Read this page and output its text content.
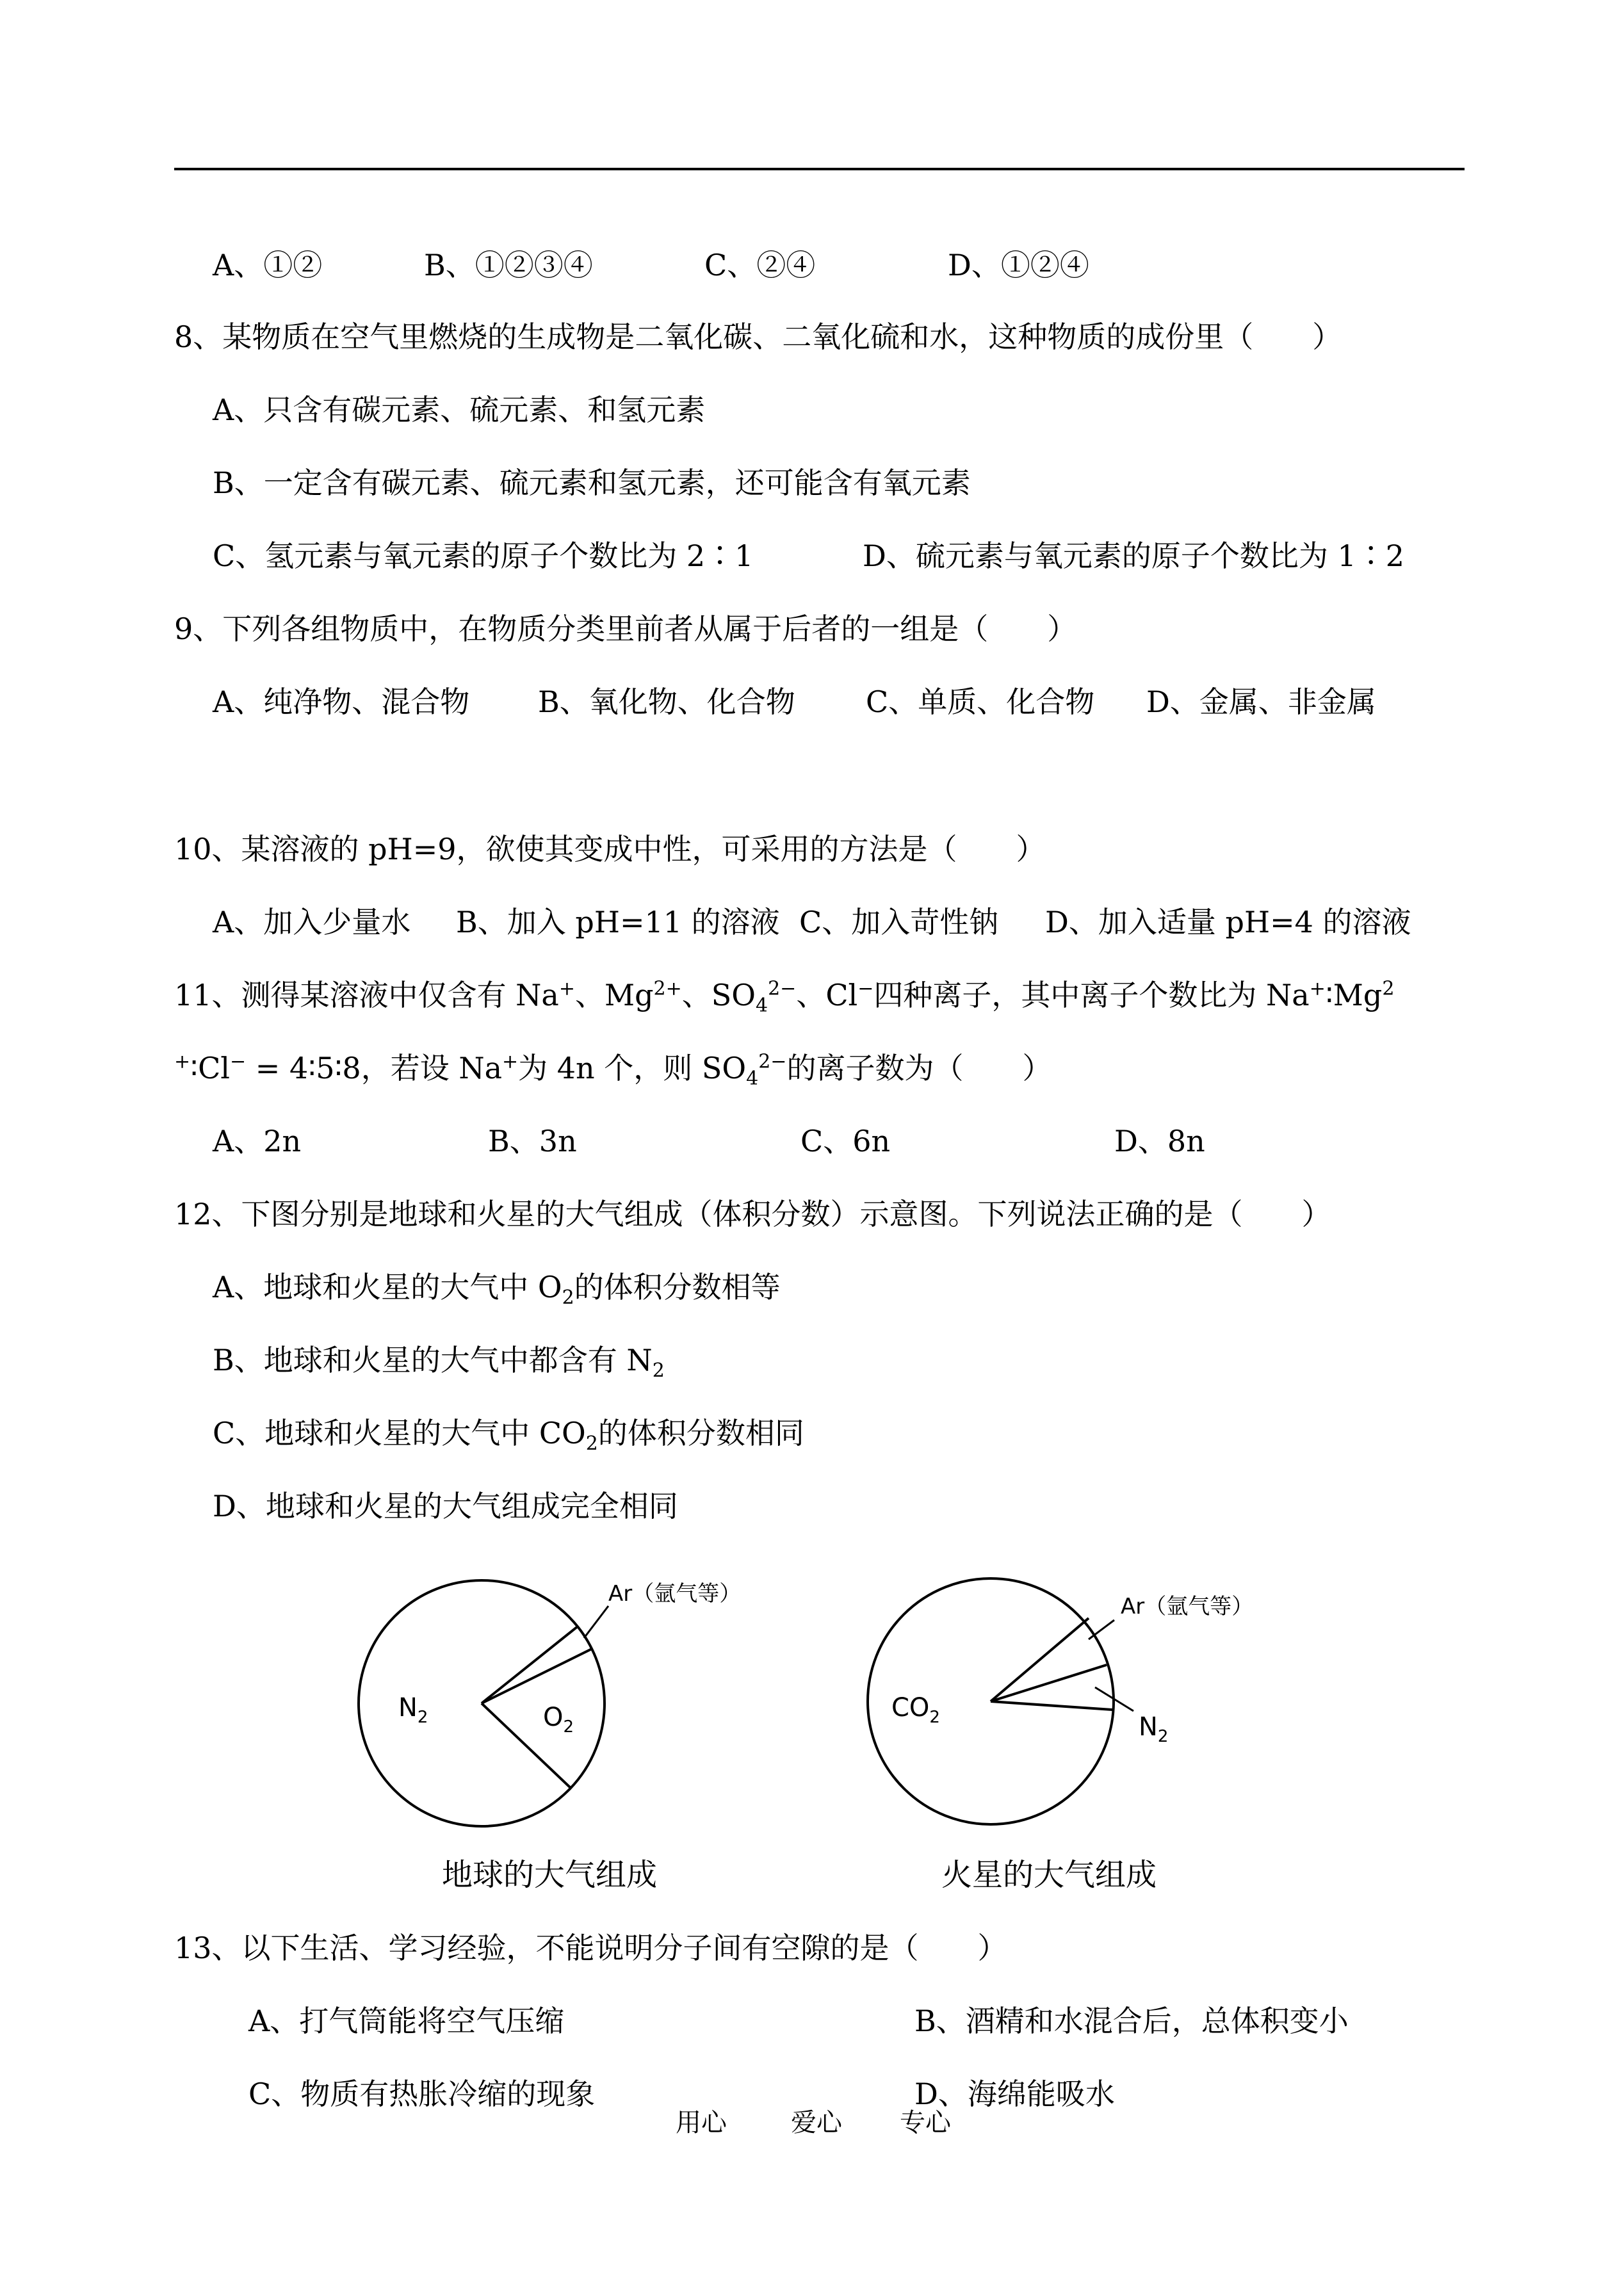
A、①②	B、①②③④	C、②④	D、①②④
8、某物质在空气里燃烧的生成物是二氧化碳、二氧化硫和水，这种物质的成份里（　　）
A、只含有碳元素、硫元素、和氢元素
B、一定含有碳元素、硫元素和氢元素，还可能含有氧元素
C、氢元素与氧元素的原子个数比为 2∶1	D、硫元素与氧元素的原子个数比为 1∶2
9、下列各组物质中，在物质分类里前者从属于后者的一组是（　　）
A、纯净物、混合物 B、氧化物、化合物 C、单质、化合物 D、金属、非金属
10、某溶液的 pH=9，欲使其变成中性，可采用的方法是（　　）
A、加入少量水 B、加入 pH=11 的溶液 C、加入苛性钠 D、加入适量 pH=4 的溶液
11、测得某溶液中仅含有 Na+、$Mg^{2+}$、$SO_4^{2-}$、Cl−四种离子，其中离子个数比为 Na+∶Mg$^2$
+∶Cl− = 4∶5∶8，若设 Na+为 4n 个，则 $SO_4^{2-}$的离子数为（　　）
A、2n	B、3n	C、6n	D、8n
12、下图分别是地球和火星的大气组成（体积分数）示意图。下列说法正确的是（　　）
A、地球和火星的大气中 $O_2$的体积分数相等
B、地球和火星的大气中都含有 $N_2$
C、地球和火星的大气中 $CO_2$的体积分数相同
D、地球和火星的大气组成完全相同
$N_2$	$O_2$
Ar（氩气等）
$CO_2$	$N_2$
Ar（氩气等）
地球的大气组成	火星的大气组成
13、以下生活、学习经验，不能说明分子间有空隙的是（　　）
A、打气筒能将空气压缩	B、酒精和水混合后，总体积变小
C、物质有热胀冷缩的现象	D、海绵能吸水
用心	爱心 专心
